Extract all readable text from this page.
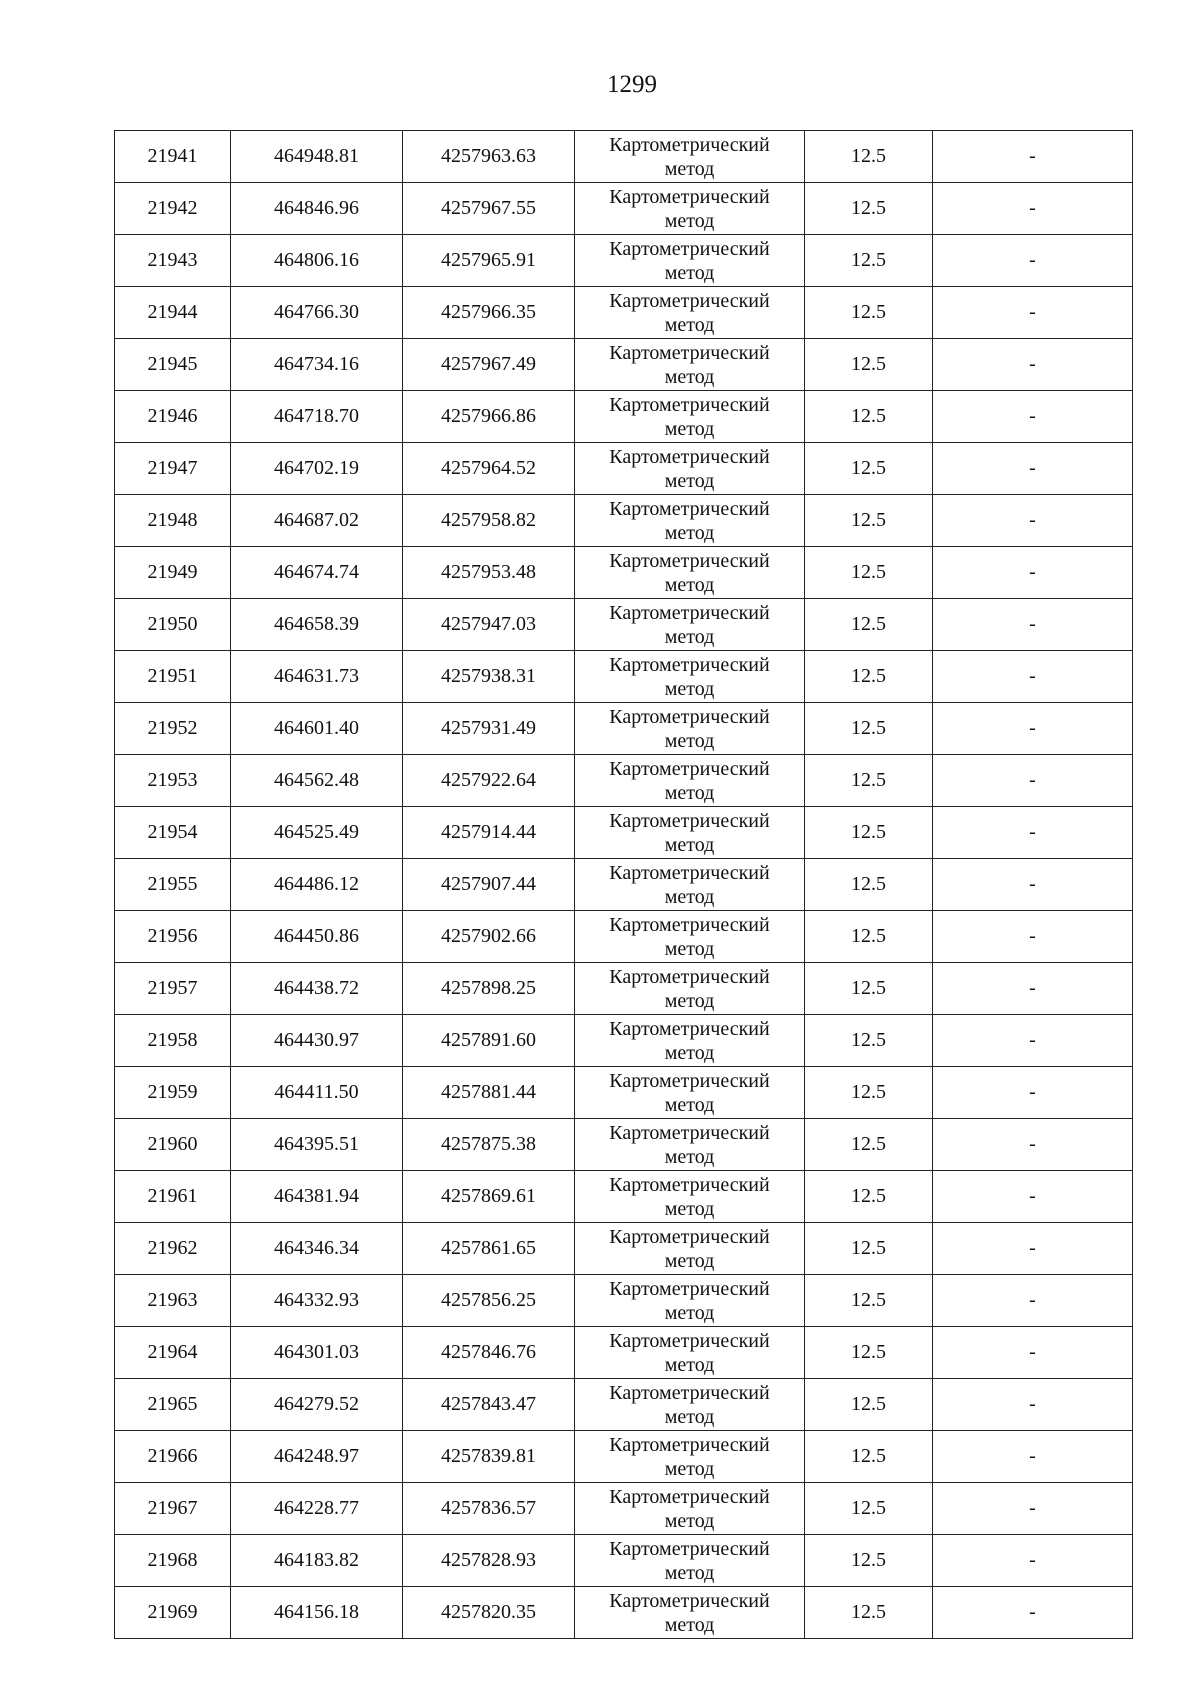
1299
21941	464948.81	4257963.63	Картометрический
метод	12.5	-
21942	464846.96	4257967.55	Картометрический
метод	12.5	-
21943	464806.16	4257965.91	Картометрический
метод	12.5	-
21944	464766.30	4257966.35	Картометрический
метод	12.5	-
21945	464734.16	4257967.49	Картометрический
метод	12.5	-
21946	464718.70	4257966.86	Картометрический
метод	12.5	-
21947	464702.19	4257964.52	Картометрический
метод	12.5	-
21948	464687.02	4257958.82	Картометрический
метод	12.5	-
21949	464674.74	4257953.48	Картометрический
метод	12.5	-
21950	464658.39	4257947.03	Картометрический
метод	12.5	-
21951	464631.73	4257938.31	Картометрический
метод	12.5	-
21952	464601.40	4257931.49	Картометрический
метод	12.5	-
21953	464562.48	4257922.64	Картометрический
метод	12.5	-
21954	464525.49	4257914.44	Картометрический
метод	12.5	-
21955	464486.12	4257907.44	Картометрический
метод	12.5	-
21956	464450.86	4257902.66	Картометрический
метод	12.5	-
21957	464438.72	4257898.25	Картометрический
метод	12.5	-
21958	464430.97	4257891.60	Картометрический
метод	12.5	-
21959	464411.50	4257881.44	Картометрический
метод	12.5	-
21960	464395.51	4257875.38	Картометрический
метод	12.5	-
21961	464381.94	4257869.61	Картометрический
метод	12.5	-
21962	464346.34	4257861.65	Картометрический
метод	12.5	-
21963	464332.93	4257856.25	Картометрический
метод	12.5	-
21964	464301.03	4257846.76	Картометрический
метод	12.5	-
21965	464279.52	4257843.47	Картометрический
метод	12.5	-
21966	464248.97	4257839.81	Картометрический
метод	12.5	-
21967	464228.77	4257836.57	Картометрический
метод	12.5	-
21968	464183.82	4257828.93	Картометрический
метод	12.5	-
21969	464156.18	4257820.35	Картометрический
метод	12.5	-
